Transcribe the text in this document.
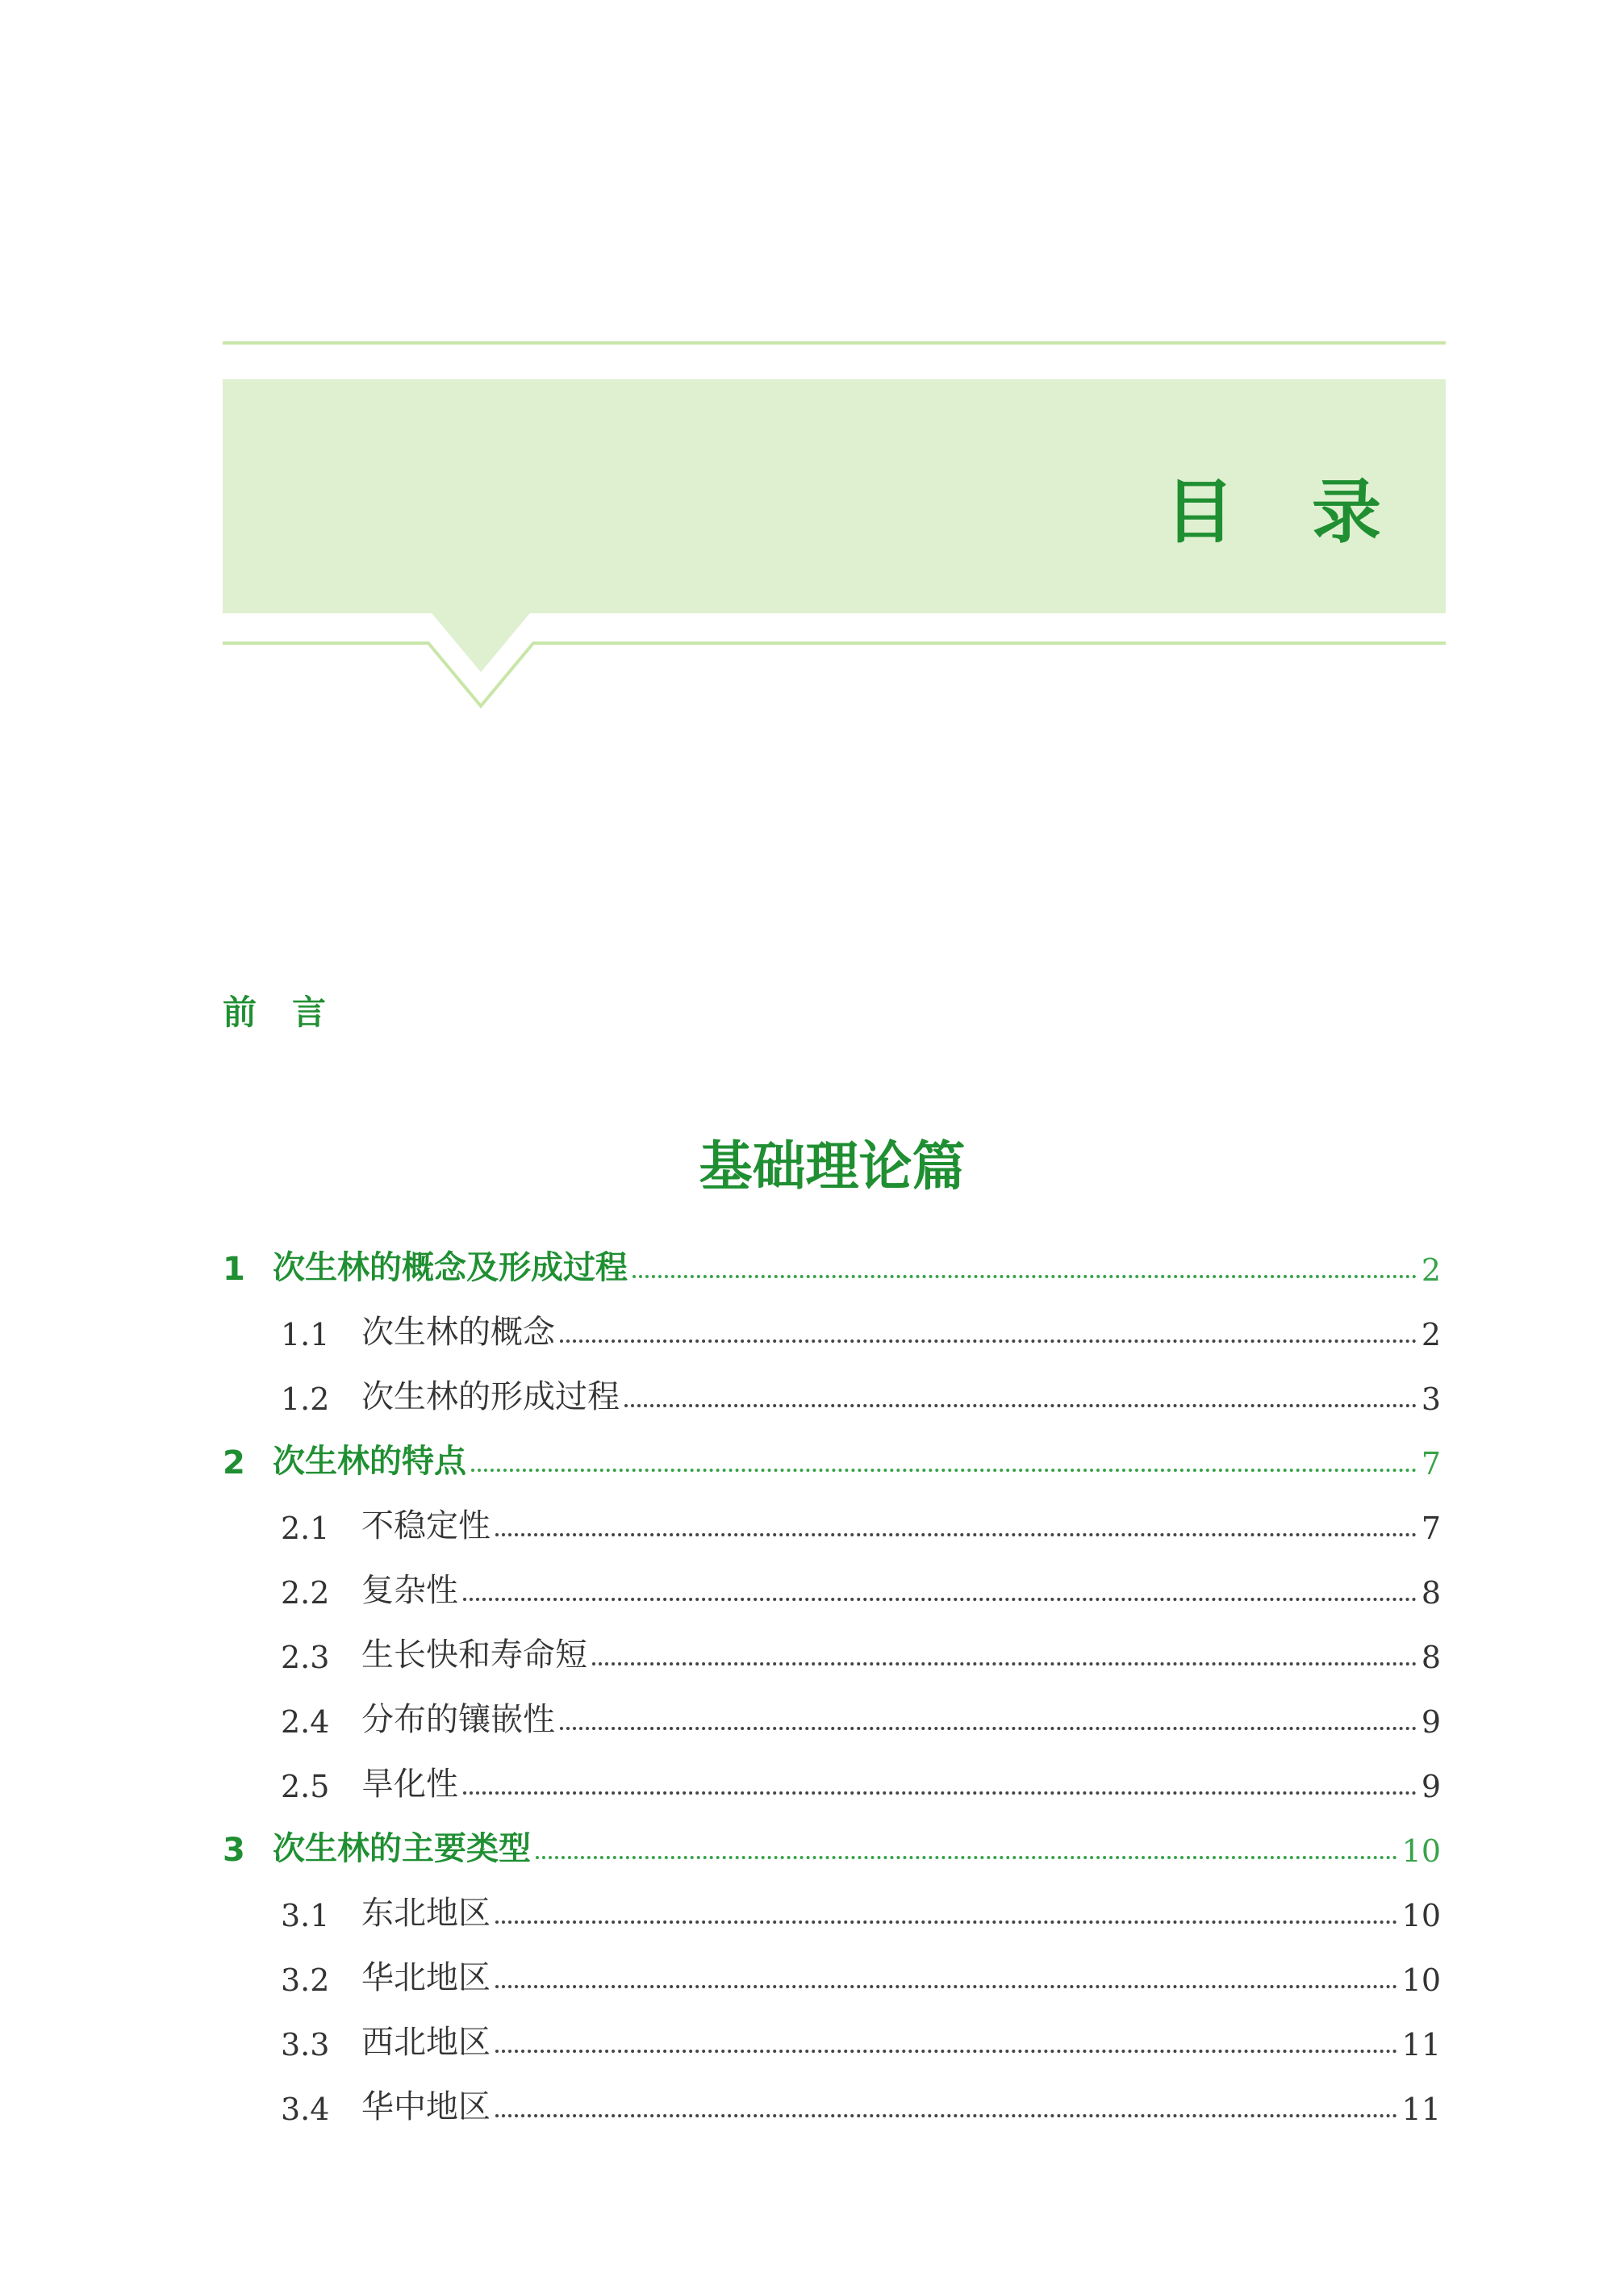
目录
前言
基础理论篇
1 次生林的概念及形成过程	2
1.1 次生林的概念	2
1.2 次生林的形成过程	3
2 次生林的特点	7
2.1 不稳定性	7
2.2 复杂性	8
2.3 生长快和寿命短	8
2.4 分布的镶嵌性	9
2.5 旱化性	9
3 次生林的主要类型	10
3.1 东北地区	10
3.2 华北地区	10
3.3 西北地区	11
3.4 华中地区	11
